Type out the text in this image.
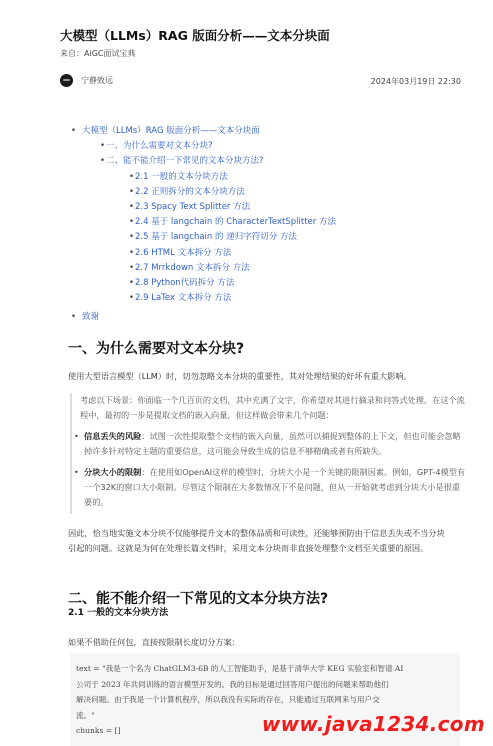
大模型（LLMs）RAG 版面分析——文本分块面
来自：AiGC面试宝典
宁静致远	2024年03月19日 22:30
• 大模型（LLMs）RAG 版面分析——文本分块面
• 一、为什么需要对文本分块?
• 二、能不能介绍一下常见的文本分块方法?
• 2.1 一般的文本分块方法
• 2.2 正则拆分的文本分块方法
• 2.3 Spacy Text Splitter 方法
• 2.4 基于 langchain 的 CharacterTextSplitter 方法
• 2.5 基于 langchain 的 递归字符切分 方法
• 2.6 HTML 文本拆分 方法
• 2.7 Mrrkdown 文本拆分 方法
• 2.8 Python代码拆分 方法
• 2.9 LaTex 文本拆分 方法
• 致谢
一、为什么需要对文本分块?

使用大型语言模型（LLM）时，切勿忽略文本分块的重要性，其对处理结果的好坏有重大影响。

考虑以下场景：你面临一个几百页的文档，其中充满了文字，你希望对其进行摘录和问答式处理。在这个流程中，最初的一步是提取文档的嵌入向量，但这样做会带来几个问题：

• 信息丢失的风险：试图一次性提取整个文档的嵌入向量，虽然可以捕捉到整体的上下文，但也可能会忽略掉许多针对特定主题的重要信息，这可能会导致生成的信息不够精确或者有所缺失。
• 分块大小的限制：在使用如OpenAI这样的模型时，分块大小是一个关键的限制因素。例如，GPT-4模型有一个32K的窗口大小限制。尽管这个限制在大多数情况下不是问题，但从一开始就考虑到分块大小是很重要的。

因此，恰当地实施文本分块不仅能够提升文本的整体品质和可读性，还能够预防由于信息丢失或不当分块引起的问题。这就是为何在处理长篇文档时，采用文本分块而非直接处理整个文档至关重要的原因。

二、能不能介绍一下常见的文本分块方法?
2.1 一般的文本分块方法

如果不借助任何包，直接按限制长度切分方案：

text = "我是一个名为 ChatGLM3-6B 的人工智能助手，是基于清华大学 KEG 实验室和智谱 AI
公司于 2023 年共同训练的语言模型开发的。我的目标是通过回答用户提出的问题来帮助他们
解决问题。由于我是一个计算机程序，所以我没有实际的存在，只能通过互联网来与用户交
流。"
chunks = []	www.java1234.com
